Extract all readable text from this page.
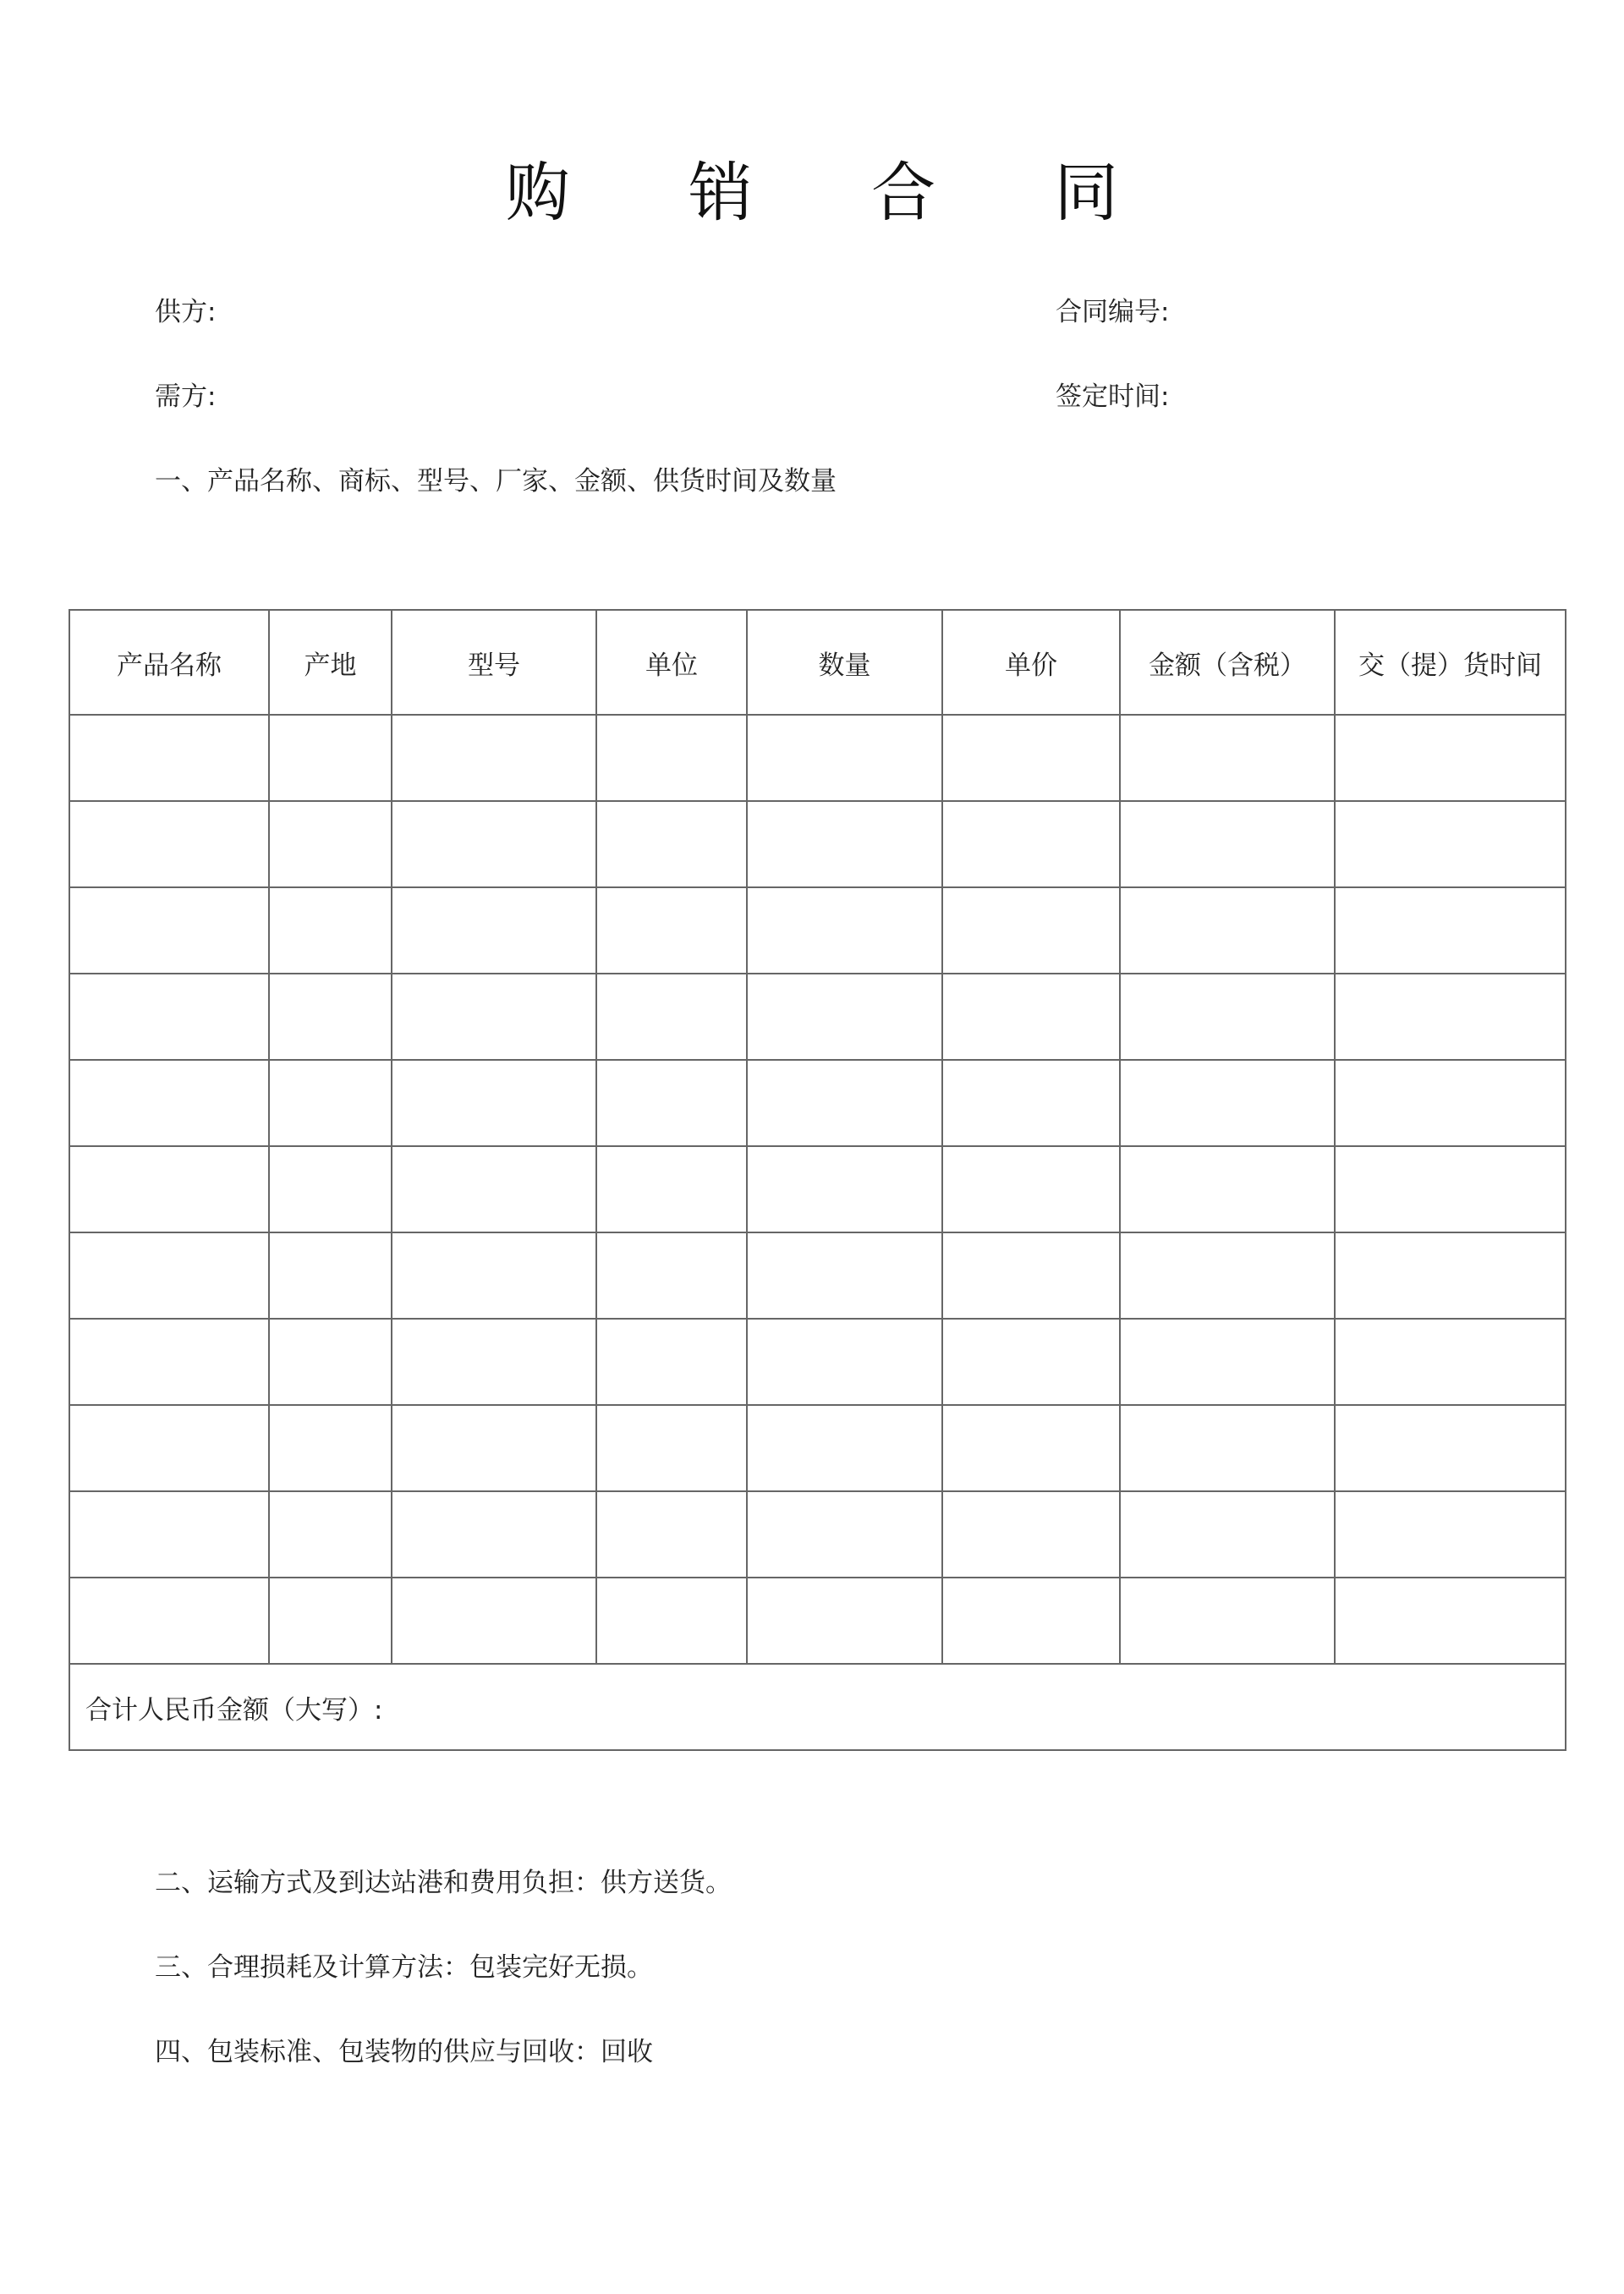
购 销 合 同
供方:	合同编号:
需方:	签定时间:
一、产品名称、商标、型号、厂家、金额、供货时间及数量
产品名称	产地	型号	单位	数量	单价	金额（含税）	交（提）货时间

合计人民币金额（大写）:							
二、运输方式及到达站港和费用负担：供方送货。
三、合理损耗及计算方法：包装完好无损。
四、包装标准、包装物的供应与回收：回收
